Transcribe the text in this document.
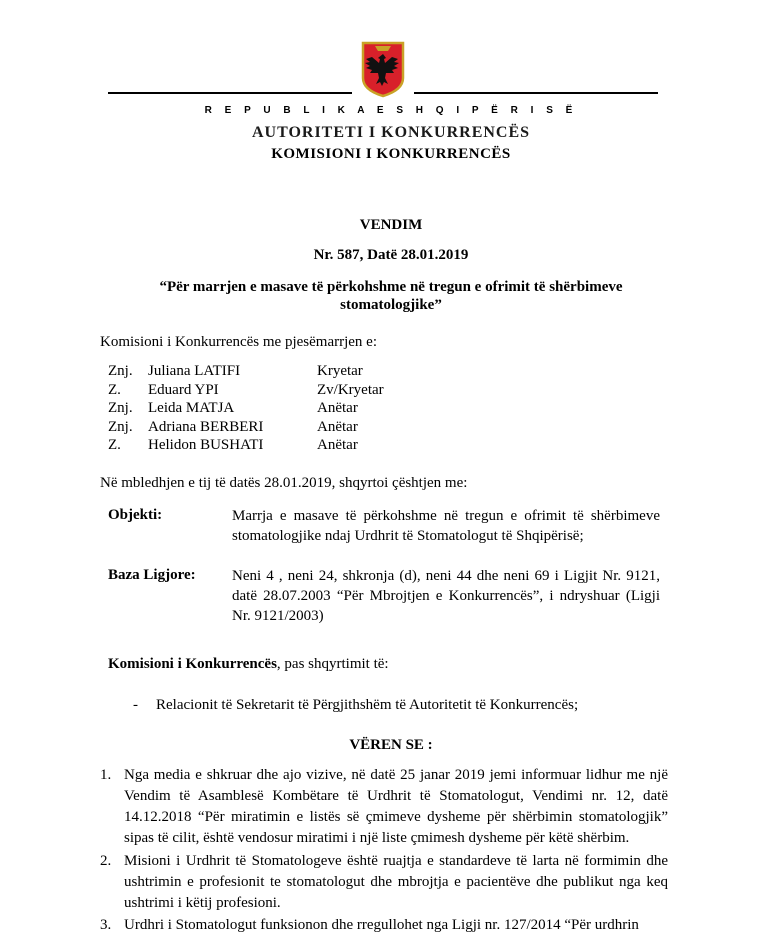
R E P U B L I K A E S H Q I P Ë R I S Ë
AUTORITETI I KONKURRENCËS
KOMISIONI I KONKURRENCËS
VENDIM
Nr. 587, Datë 28.01.2019
“Për marrjen e masave të përkohshme në tregun e ofrimit të shërbimeve
stomatologjike”
Komisioni i Konkurrencës me pjesëmarrjen e:
Znj. Juliana LATIFI	Kryetar
Z. Eduard YPI	Zv/Kryetar
Znj. Leida MATJA	Anëtar
Znj. Adriana BERBERI	Anëtar
Z. Helidon BUSHATI	Anëtar
Në mbledhjen e tij të datës 28.01.2019, shqyrtoi çështjen me:
Objekti:	Marrja e masave të përkohshme në tregun e ofrimit të shërbimeve stomatologjike ndaj Urdhrit të Stomatologut të Shqipërisë;
Baza Ligjore: Neni 4 , neni 24, shkronja (d), neni 44 dhe neni 69 i Ligjit Nr. 9121, datë 28.07.2003 “Për Mbrojtjen e Konkurrencës”, i ndryshuar (Ligji Nr. 9121/2003)
Komisioni i Konkurrencës, pas shqyrtimit të:
- Relacionit të Sekretarit të Përgjithshëm të Autoritetit të Konkurrencës;
VËREN SE :
1. Nga media e shkruar dhe ajo vizive, në datë 25 janar 2019 jemi informuar lidhur me një Vendim të Asamblesë Kombëtare të Urdhrit të Stomatologut, Vendimi nr. 12, datë 14.12.2018 “Për miratimin e listës së çmimeve dysheme për shërbimin stomatologjik” sipas të cilit, është vendosur miratimi i një liste çmimesh dysheme për këtë shërbim.
2. Misioni i Urdhrit të Stomatologeve është ruajtja e standardeve të larta në formimin dhe ushtrimin e profesionit te stomatologut dhe mbrojtja e pacientëve dhe publikut nga keq ushtrimi i këtij profesioni.
3. Urdhri i Stomatologut funksionon dhe rregullohet nga Ligji nr. 127/2014 “Për urdhrin
